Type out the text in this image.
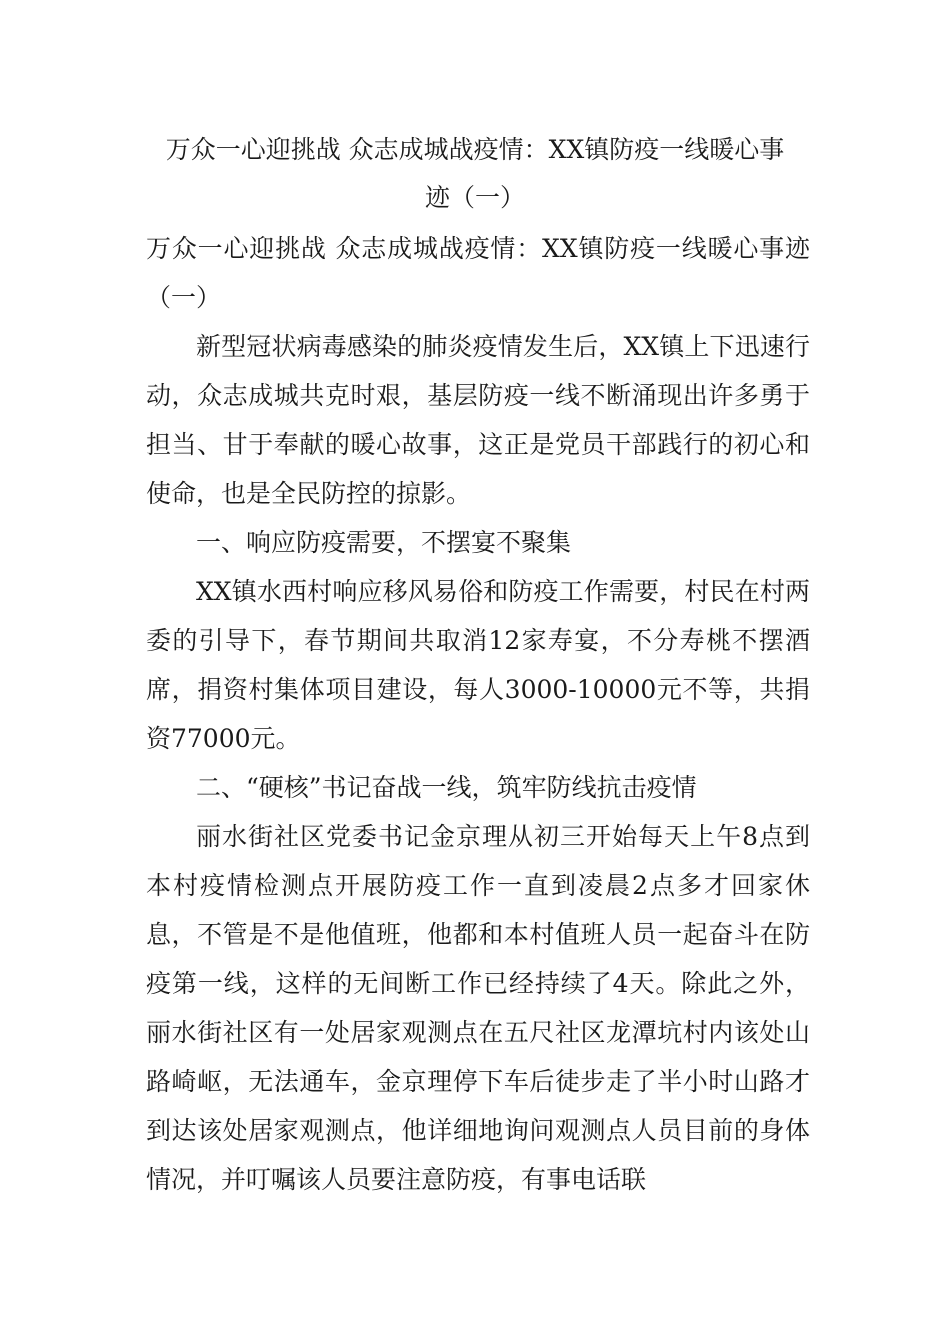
万众一心迎挑战 众志成城战疫情：XX镇防疫一线暖心事
迹（一）

万众一心迎挑战 众志成城战疫情：XX镇防疫一线暖心事迹（一）

新型冠状病毒感染的肺炎疫情发生后，XX镇上下迅速行动，众志成城共克时艰，基层防疫一线不断涌现出许多勇于担当、甘于奉献的暖心故事，这正是党员干部践行的初心和使命，也是全民防控的掠影。

一、响应防疫需要，不摆宴不聚集

XX镇水西村响应移风易俗和防疫工作需要，村民在村两委的引导下，春节期间共取消12家寿宴，不分寿桃不摆酒席，捐资村集体项目建设，每人3000-10000元不等，共捐资77000元。

二、“硬核”书记奋战一线，筑牢防线抗击疫情

丽水街社区党委书记金京理从初三开始每天上午8点到本村疫情检测点开展防疫工作一直到凌晨2点多才回家休息，不管是不是他值班，他都和本村值班人员一起奋斗在防疫第一线，这样的无间断工作已经持续了4天。除此之外，丽水街社区有一处居家观测点在五尺社区龙潭坑村内该处山路崎岖，无法通车，金京理停下车后徒步走了半小时山路才到达该处居家观测点，他详细地询问观测点人员目前的身体情况，并叮嘱该人员要注意防疫，有事电话联
